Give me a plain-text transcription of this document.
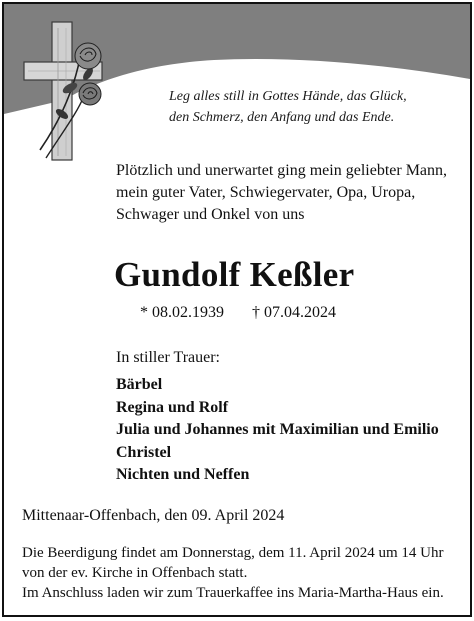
Leg alles still in Gottes Hände, das Glück,
den Schmerz, den Anfang und das Ende.
Plötzlich und unerwartet ging mein geliebter Mann,
mein guter Vater, Schwiegervater, Opa, Uropa,
Schwager und Onkel von uns
Gundolf Keßler
* 08.02.1939 † 07.04.2024
In stiller Trauer:
Bärbel
Regina und Rolf
Julia und Johannes mit Maximilian und Emilio
Christel
Nichten und Neffen
Mittenaar-Offenbach, den 09. April 2024
Die Beerdigung findet am Donnerstag, dem 11. April 2024 um 14 Uhr
von der ev. Kirche in Offenbach statt.
Im Anschluss laden wir zum Trauerkaffee ins Maria-Martha-Haus ein.
